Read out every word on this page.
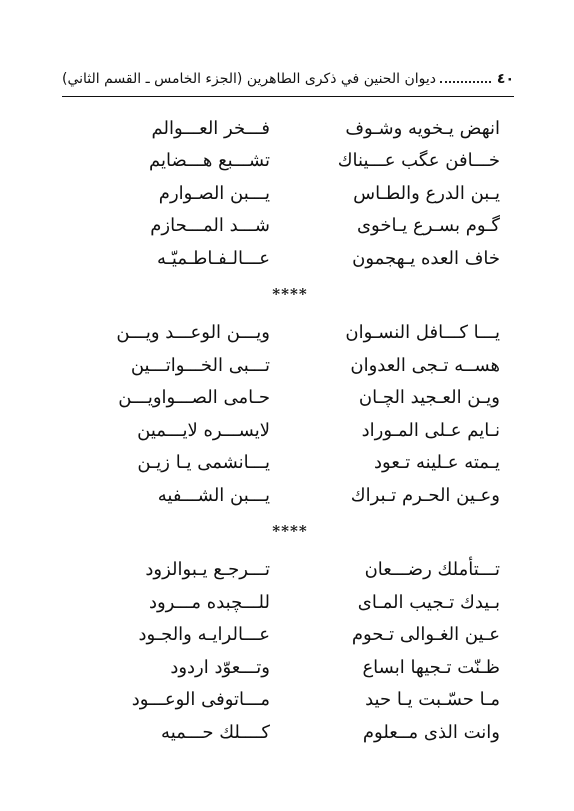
٤٠
ديوان الحنين في ذكرى الطاهرين (الجزء الخامس ـ القسم الثاني)
انهض يـخويه وشـوف
فـــخر العـــوالم
خـــافن عگب عـــيناك
تشـــبع هـــضايم
يـبن الدرع والطـاس
يـــبن الصـوارم
گـوم بسـرع يـاخوى
شـــد المـــحازم
خاف العده يـهجمون
عـــالـفـاطـميّـه
****
يـــا كـــافل النسـوان
ويـــن الوعـــد ويـــن
هســه تـجى العدوان
تـــبى الخـــواتـــين
ويـن العـجيد الچـان
حـامى الصـــواويـــن
نـايم عـلى المـوراد
لايســـره لايـــمين
يـمته عـلينه تـعود
يـــانشمى يـا زيـن
وعـين الحـرم تـبراك
يـــبن الشـــفيه
****
تـــتأملك رضـــعان
تـــرجـع يـبوالزود
بـيدك تـجيب المـاى
للـــچبده مـــرود
عـين الغـوالى تـحوم
عـــالرايـه والجـود
ظـنّت تـجيها ابساع
وتـــعوّد اردود
مـا حسّـبت يـا حيد
مـــاتوفى الوعـــود
وانت الذى مــعلوم
كــــلك حـــميه
